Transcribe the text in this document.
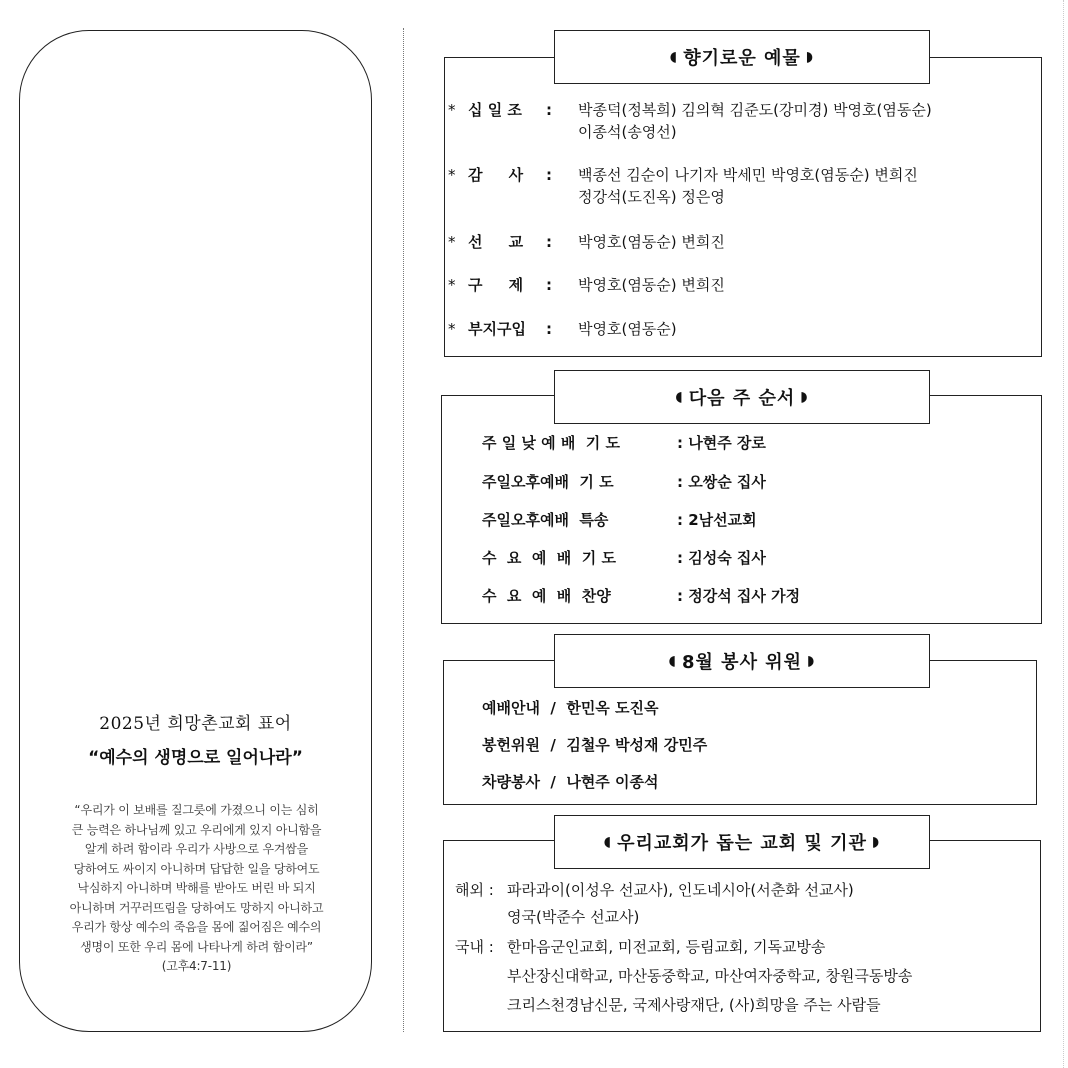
2025년 희망촌교회 표어
“예수의 생명으로 일어나라”
“우리가 이 보배를 질그릇에 가졌으니 이는 심히
큰 능력은 하나님께 있고 우리에게 있지 아니함을
알게 하려 함이라 우리가 사방으로 우겨쌈을
당하여도 싸이지 아니하며 답답한 일을 당하여도
낙심하지 아니하며 박해를 받아도 버린 바 되지
아니하며 거꾸러뜨림을 당하여도 망하지 아니하고
우리가 항상 예수의 죽음을 몸에 짊어짐은 예수의
생명이 또한 우리 몸에 나타나게 하려 함이라”
(고후4:7-11)
◖ 향기로운 예물 ◗
* 십 일 조 : 박종덕(정복희) 김의혁 김준도(강미경) 박영호(염동순)
이종석(송영선)
* 감     사 : 백종선 김순이 나기자 박세민 박영호(염동순) 변희진
정강석(도진옥) 정은영
* 선     교 : 박영호(염동순) 변희진
* 구     제 : 박영호(염동순) 변희진
* 부지구입 : 박영호(염동순)
◖ 다음 주 순서 ◗
주 일 낮 예 배  기 도	: 나현주 장로
주일오후예배  기 도	: 오쌍순 집사
주일오후예배  특송	: 2남선교회
수  요  예  배  기 도	: 김성숙 집사
수  요  예  배  찬양	: 정강석 집사 가정
◖ 8월 봉사 위원 ◗
예배안내  /  한민옥 도진옥
봉헌위원  /  김철우 박성재 강민주
차량봉사  /  나현주 이종석
◖ 우리교회가 돕는 교회 및 기관 ◗
해외 : 파라과이(이성우 선교사), 인도네시아(서춘화 선교사)
영국(박준수 선교사)
국내 : 한마음군인교회, 미전교회, 등림교회, 기독교방송
부산장신대학교, 마산동중학교, 마산여자중학교, 창원극동방송
크리스천경남신문, 국제사랑재단, (사)희망을 주는 사람들
